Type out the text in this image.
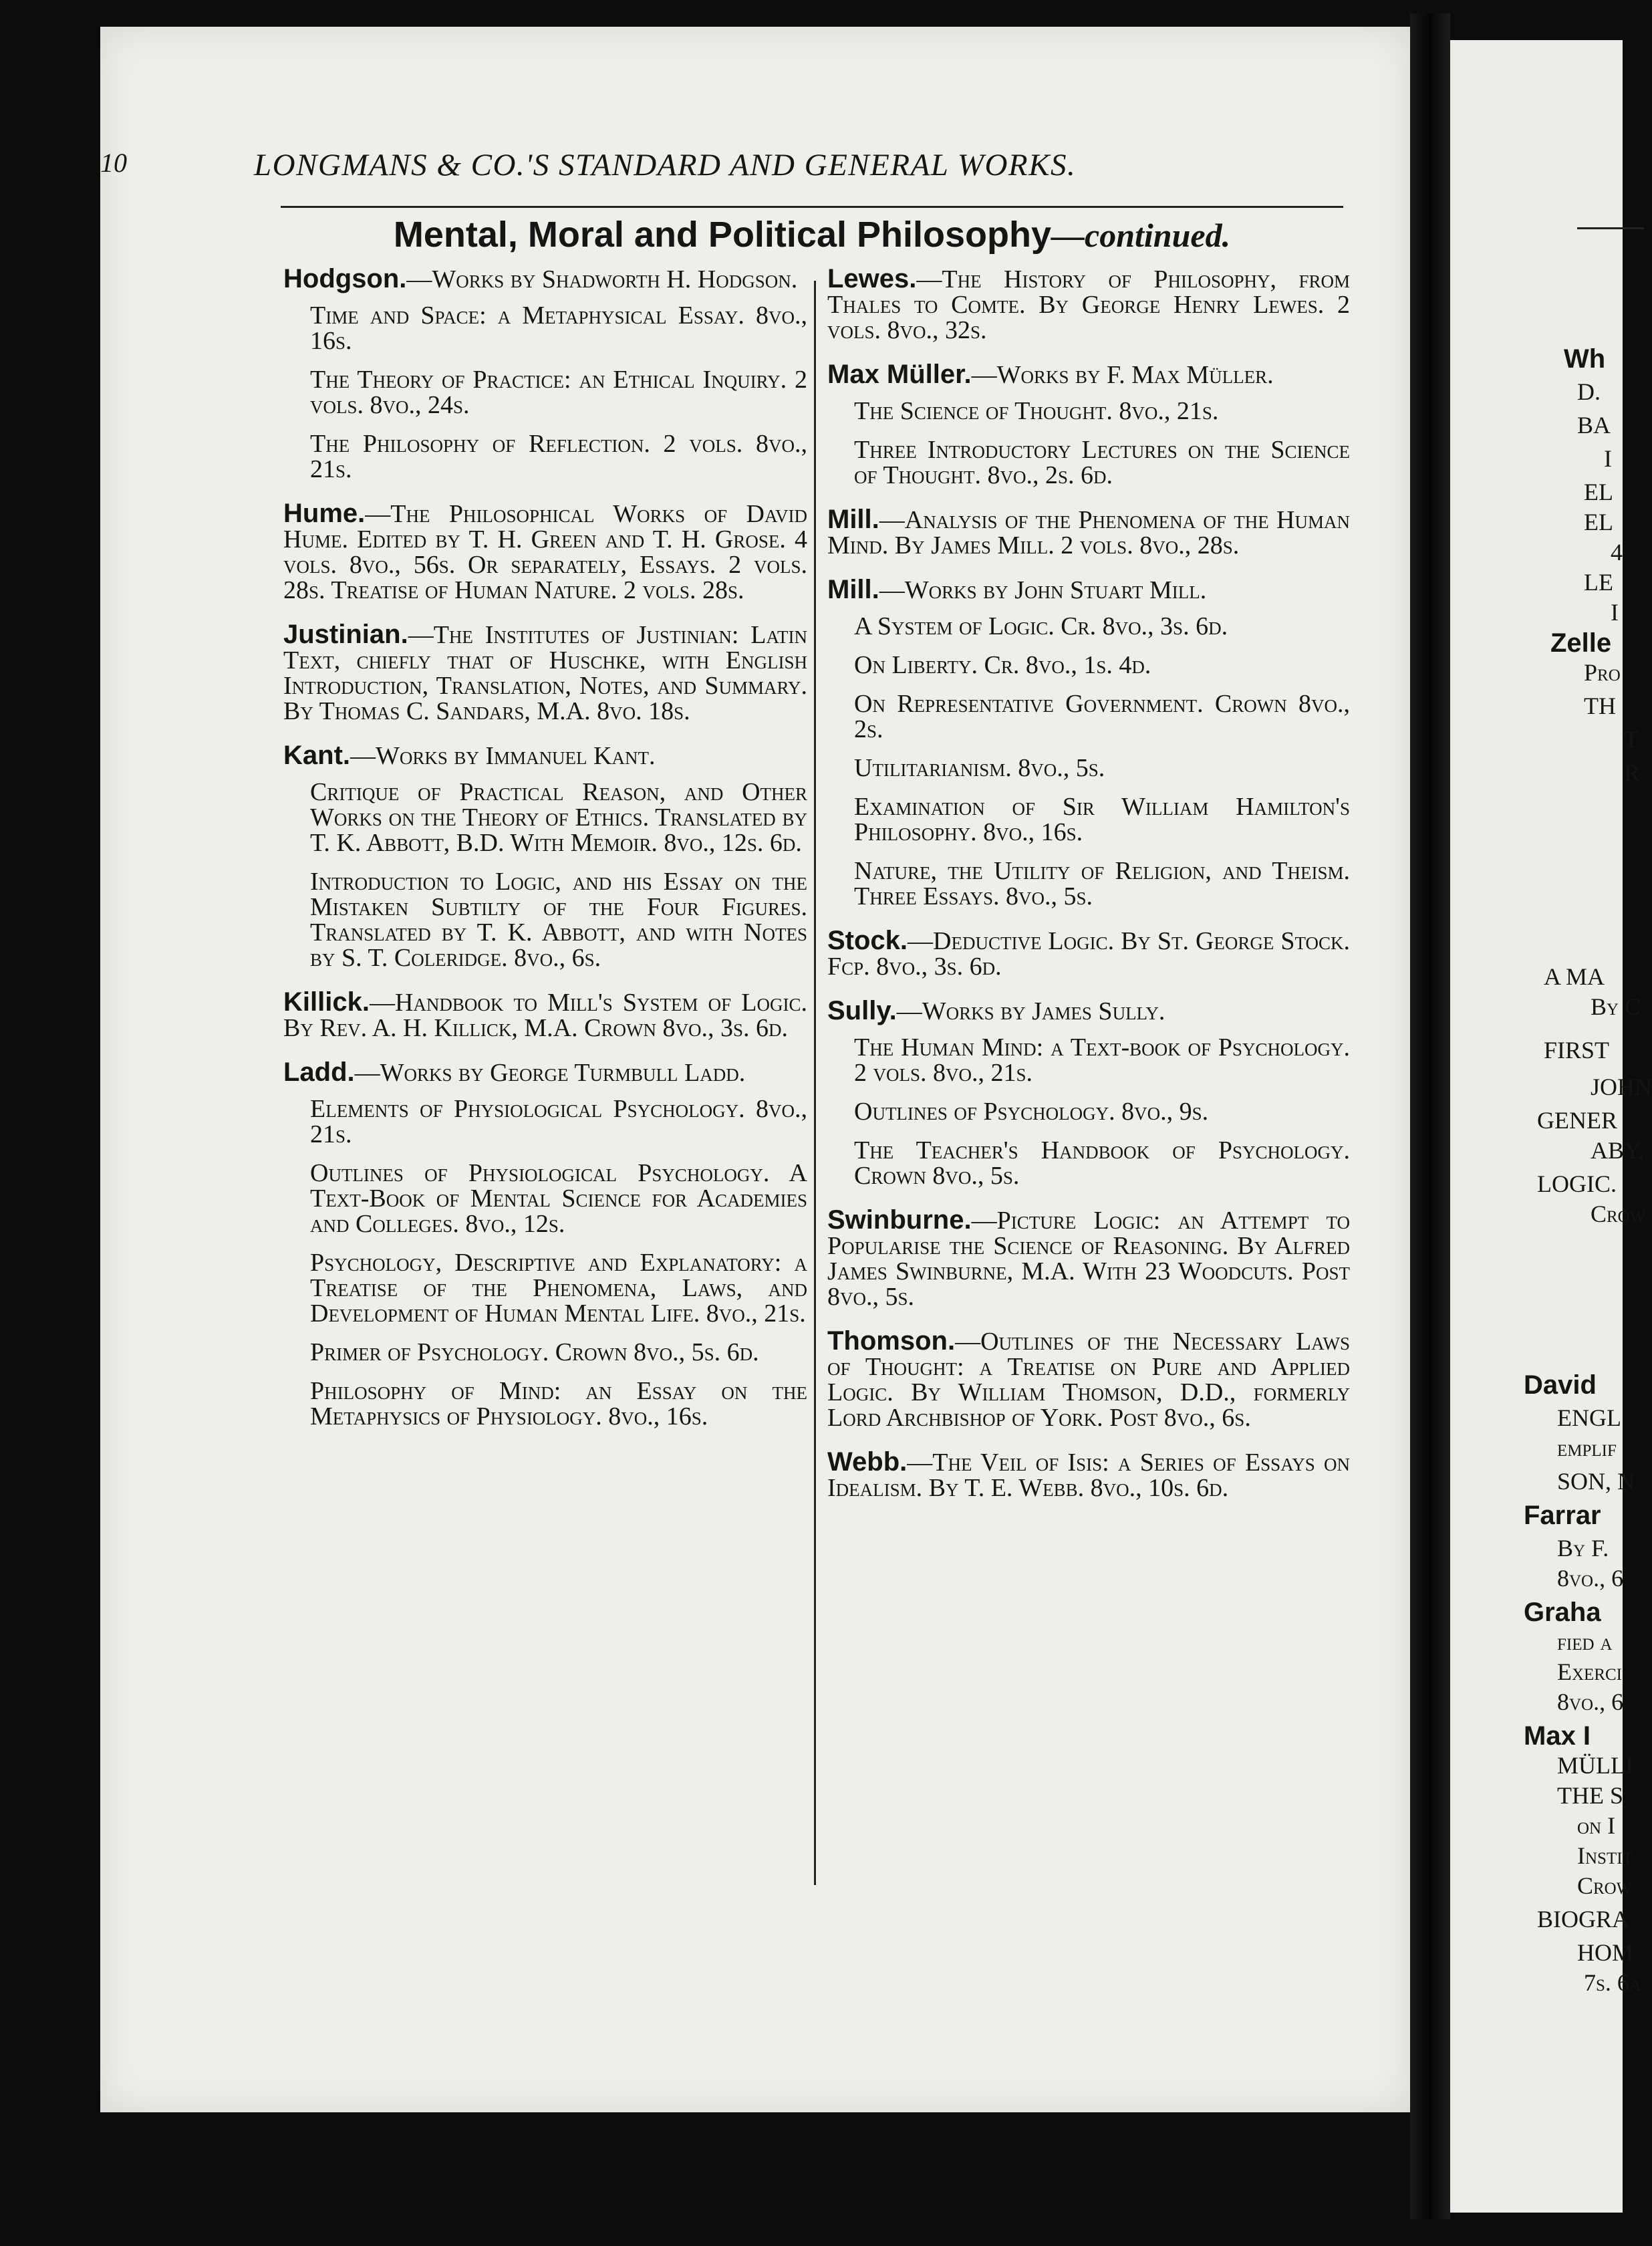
Wh
D.
BA
I
EL
EL
4
LE
I
Zelle
Pro
TH
T
R
A MA
By C
FIRST
JOHN
GENER
ABY,
LOGIC.
Crow
David
ENGL
emplif
SON, N
Farrar
By F.
8vo., 6
Graha
fied a
Exerci
8vo., 6
Max I
MÜLLI
THE S
on I
Instit
Crow
BIOGRA
HOM
7s. 6a
10	LONGMANS & CO.'S STANDARD AND GENERAL WORKS.
Mental, Moral and Political Philosophy—continued.
Hodgson.—Works by Shadworth H. Hodgson.
Time and Space: a Metaphysical Essay. 8vo., 16s.
The Theory of Practice: an Ethical Inquiry. 2 vols. 8vo., 24s.
The Philosophy of Reflection. 2 vols. 8vo., 21s.
Hume.—The Philosophical Works of David Hume. Edited by T. H. Green and T. H. Grose. 4 vols. 8vo., 56s. Or separately, Essays. 2 vols. 28s. Treatise of Human Nature. 2 vols. 28s.
Justinian.—The Institutes of Justinian: Latin Text, chiefly that of Huschke, with English Introduction, Translation, Notes, and Summary. By Thomas C. Sandars, M.A. 8vo. 18s.
Kant.—Works by Immanuel Kant.
Critique of Practical Reason, and Other Works on the Theory of Ethics. Translated by T. K. Abbott, B.D. With Memoir. 8vo., 12s. 6d.
Introduction to Logic, and his Essay on the Mistaken Subtilty of the Four Figures. Translated by T. K. Abbott, and with Notes by S. T. Coleridge. 8vo., 6s.
Killick.—Handbook to Mill's System of Logic. By Rev. A. H. Killick, M.A. Crown 8vo., 3s. 6d.
Ladd.—Works by George Turmbull Ladd.
Elements of Physiological Psychology. 8vo., 21s.
Outlines of Physiological Psychology. A Text-Book of Mental Science for Academies and Colleges. 8vo., 12s.
Psychology, Descriptive and Explanatory: a Treatise of the Phenomena, Laws, and Development of Human Mental Life. 8vo., 21s.
Primer of Psychology. Crown 8vo., 5s. 6d.
Philosophy of Mind: an Essay on the Metaphysics of Physiology. 8vo., 16s.
Lewes.—The History of Philosophy, from Thales to Comte. By George Henry Lewes. 2 vols. 8vo., 32s.
Max Müller.—Works by F. Max Müller.
The Science of Thought. 8vo., 21s.
Three Introductory Lectures on the Science of Thought. 8vo., 2s. 6d.
Mill.—Analysis of the Phenomena of the Human Mind. By James Mill. 2 vols. 8vo., 28s.
Mill.—Works by John Stuart Mill.
A System of Logic. Cr. 8vo., 3s. 6d.
On Liberty. Cr. 8vo., 1s. 4d.
On Representative Government. Crown 8vo., 2s.
Utilitarianism. 8vo., 5s.
Examination of Sir William Hamilton's Philosophy. 8vo., 16s.
Nature, the Utility of Religion, and Theism. Three Essays. 8vo., 5s.
Stock.—Deductive Logic. By St. George Stock. Fcp. 8vo., 3s. 6d.
Sully.—Works by James Sully.
The Human Mind: a Text-book of Psychology. 2 vols. 8vo., 21s.
Outlines of Psychology. 8vo., 9s.
The Teacher's Handbook of Psychology. Crown 8vo., 5s.
Swinburne.—Picture Logic: an Attempt to Popularise the Science of Reasoning. By Alfred James Swinburne, M.A. With 23 Woodcuts. Post 8vo., 5s.
Thomson.—Outlines of the Necessary Laws of Thought: a Treatise on Pure and Applied Logic. By William Thomson, D.D., formerly Lord Archbishop of York. Post 8vo., 6s.
Webb.—The Veil of Isis: a Series of Essays on Idealism. By T. E. Webb. 8vo., 10s. 6d.
